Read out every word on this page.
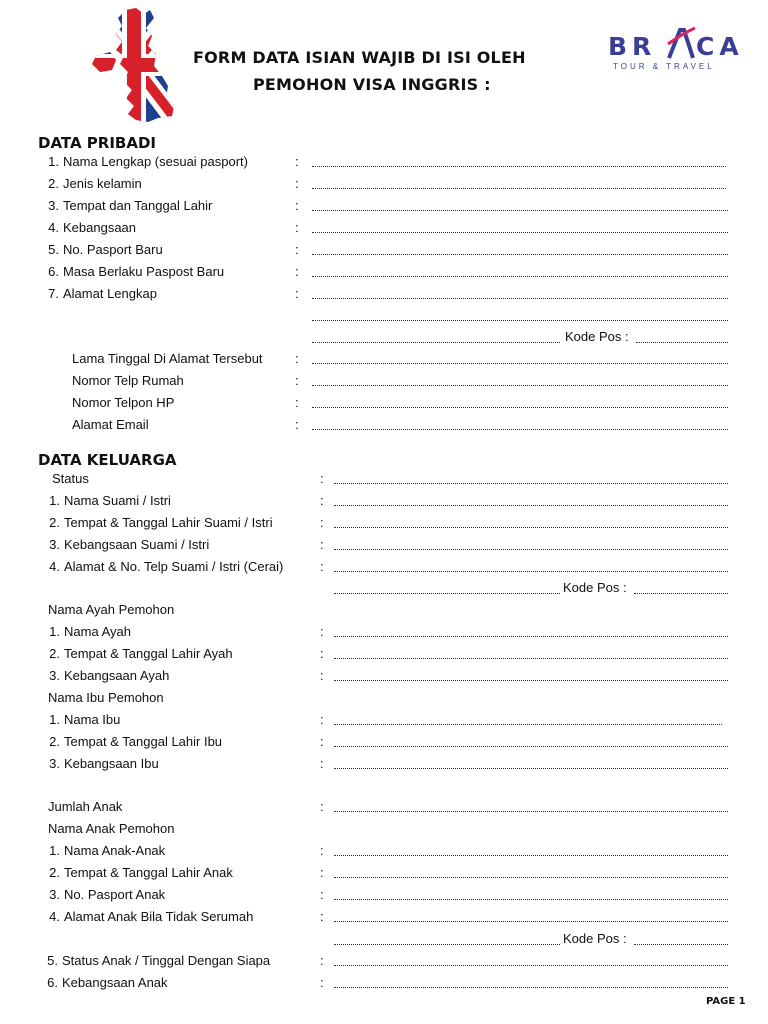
FORM DATA ISIAN WAJIB DI ISI OLEH
PEMOHON VISA INGGRIS :
BR CA
TOUR & TRAVEL
DATA PRIBADI
1. Nama Lengkap (sesuai pasport)	:
2. Jenis kelamin	:
3. Tempat dan Tanggal Lahir	:
4. Kebangsaan	:
5. No. Pasport Baru	:
6. Masa Berlaku Paspost Baru	:
7. Alamat Lengkap	:
Kode Pos :
Lama Tinggal Di Alamat Tersebut :
Nomor Telp Rumah	:
Nomor Telpon HP	:
Alamat Email	:
DATA KELUARGA
Status	:
1. Nama Suami / Istri	:
2. Tempat & Tanggal Lahir Suami / Istri	:
3. Kebangsaan Suami / Istri	:
4. Alamat & No. Telp Suami / Istri (Cerai)	:
Kode Pos :
Nama Ayah Pemohon
1. Nama Ayah	:
2. Tempat & Tanggal Lahir Ayah	:
3. Kebangsaan Ayah	:
Nama Ibu Pemohon
1. Nama Ibu	:
2. Tempat & Tanggal Lahir Ibu	:
3. Kebangsaan Ibu	:
Jumlah Anak	:
Nama Anak Pemohon
1. Nama Anak-Anak	:
2. Tempat & Tanggal Lahir Anak	:
3. No. Pasport Anak	:
4. Alamat Anak Bila Tidak Serumah	:
Kode Pos :
5. Status Anak / Tinggal Dengan Siapa	:
6. Kebangsaan Anak	:
PAGE 1
